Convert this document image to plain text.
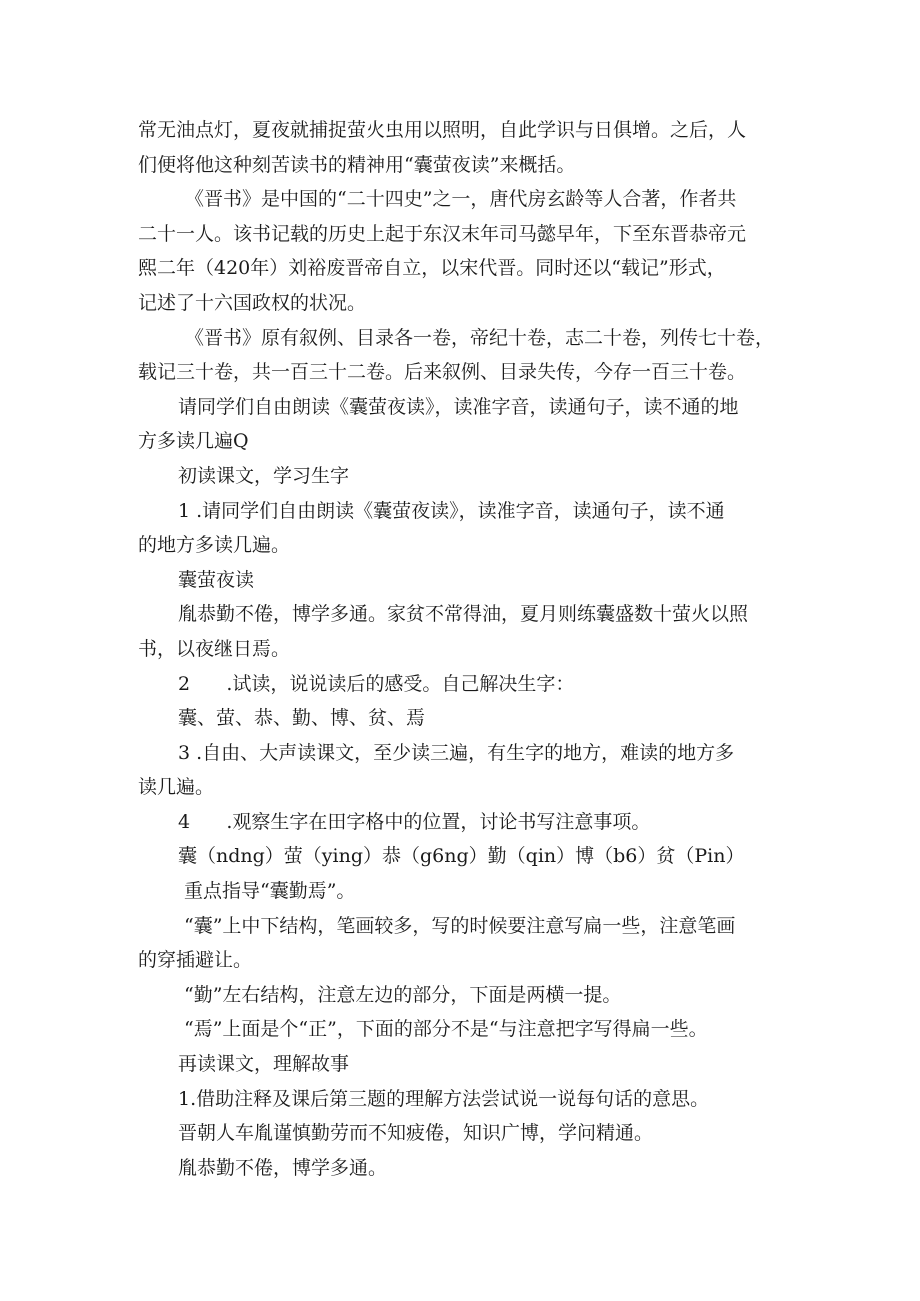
常无油点灯，夏夜就捕捉萤火虫用以照明，自此学识与日俱增。之后，人
们便将他这种刻苦读书的精神用“囊萤夜读”来概括。
《晋书》是中国的“二十四史”之一，唐代房玄龄等人合著，作者共
二十一人。该书记载的历史上起于东汉末年司马懿早年，下至东晋恭帝元
熙二年（420年）刘裕废晋帝自立，以宋代晋。同时还以“载记”形式，
记述了十六国政权的状况。
《晋书》原有叙例、目录各一卷，帝纪十卷，志二十卷，列传七十卷，
载记三十卷，共一百三十二卷。后来叙例、目录失传，今存一百三十卷。
请同学们自由朗读《囊萤夜读》，读准字音，读通句子，读不通的地
方多读几遍Q
初读课文，学习生字
1 .请同学们自由朗读《囊萤夜读》，读准字音，读通句子，读不通
的地方多读几遍。
囊萤夜读
胤恭勤不倦，博学多通。家贫不常得油，夏月则练囊盛数十萤火以照
书，以夜继日焉。
2      .试读，说说读后的感受。自己解决生字：
囊、萤、恭、勤、博、贫、焉
3 .自由、大声读课文，至少读三遍，有生字的地方，难读的地方多
读几遍。
4      .观察生字在田字格中的位置，讨论书写注意事项。
囊（ndng）萤（ying）恭（g6ng）勤（qin）博（b6）贫（Pin）
重点指导“囊勤焉”。
“囊”上中下结构，笔画较多，写的时候要注意写扁一些，注意笔画
的穿插避让。
“勤”左右结构，注意左边的部分，下面是两横一提。
“焉”上面是个“正”，下面的部分不是“与注意把字写得扁一些。
再读课文，理解故事
1.借助注释及课后第三题的理解方法尝试说一说每句话的意思。
晋朝人车胤谨慎勤劳而不知疲倦，知识广博，学问精通。
胤恭勤不倦，博学多通。
